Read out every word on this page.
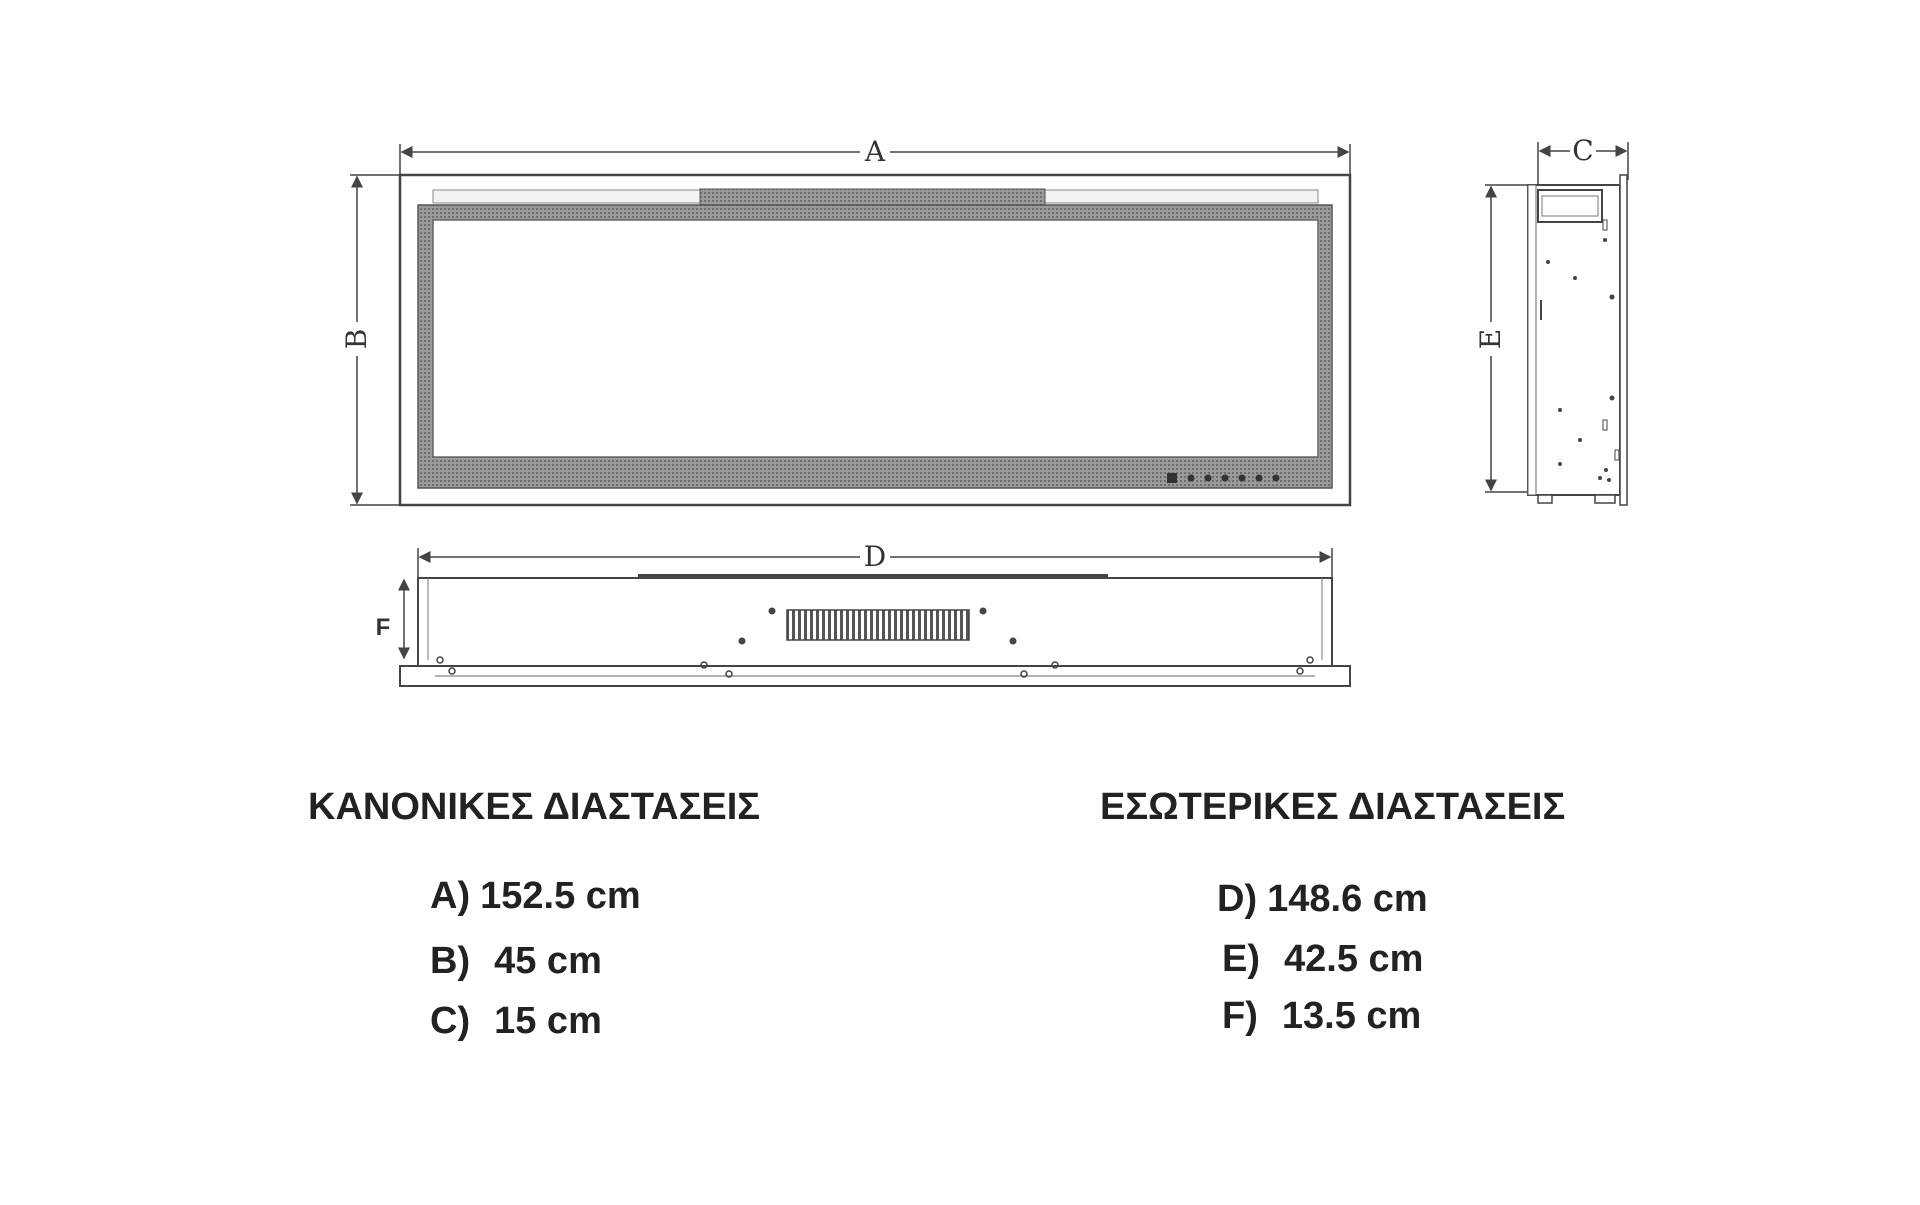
A
B
C
E
D
F
ΚΑΝΟΝΙΚΕΣ ΔΙΑΣΤΑΣΕΙΣ
A) 152.5 cm
B) 45 cm
C) 15 cm
ΕΣΩΤΕΡΙΚΕΣ ΔΙΑΣΤΑΣΕΙΣ
D) 148.6 cm
E) 42.5 cm
F) 13.5 cm
